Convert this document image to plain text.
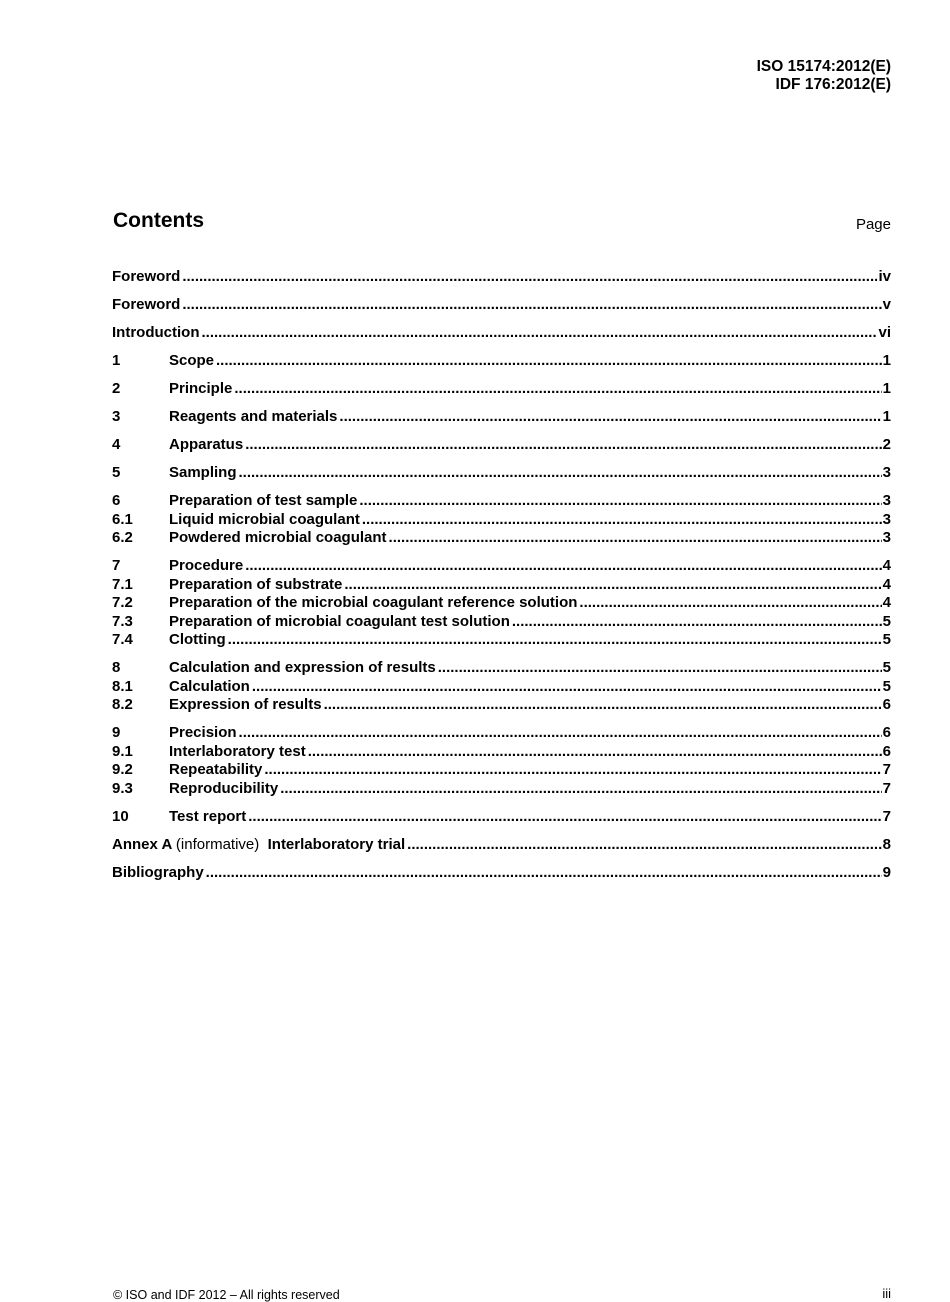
ISO 15174:2012(E)
IDF 176:2012(E)
Contents	Page
Foreword .....	iv
Foreword .....	v
Introduction .....	vi
1	Scope .....	1
2	Principle .....	1
3	Reagents and materials .....	1
4	Apparatus .....	2
5	Sampling .....	3
6	Preparation of test sample .....	3
6.1	Liquid microbial coagulant .....	3
6.2	Powdered microbial coagulant .....	3
7	Procedure .....	4
7.1	Preparation of substrate .....	4
7.2	Preparation of the microbial coagulant reference solution .....	4
7.3	Preparation of microbial coagulant test solution .....	5
7.4	Clotting .....	5
8	Calculation and expression of results .....	5
8.1	Calculation .....	5
8.2	Expression of results .....	6
9	Precision .....	6
9.1	Interlaboratory test .....	6
9.2	Repeatability .....	7
9.3	Reproducibility .....	7
10	Test report .....	7
Annex A (informative) Interlaboratory trial .....	8
Bibliography .....	9
© ISO and IDF 2012 – All rights reserved	iii
